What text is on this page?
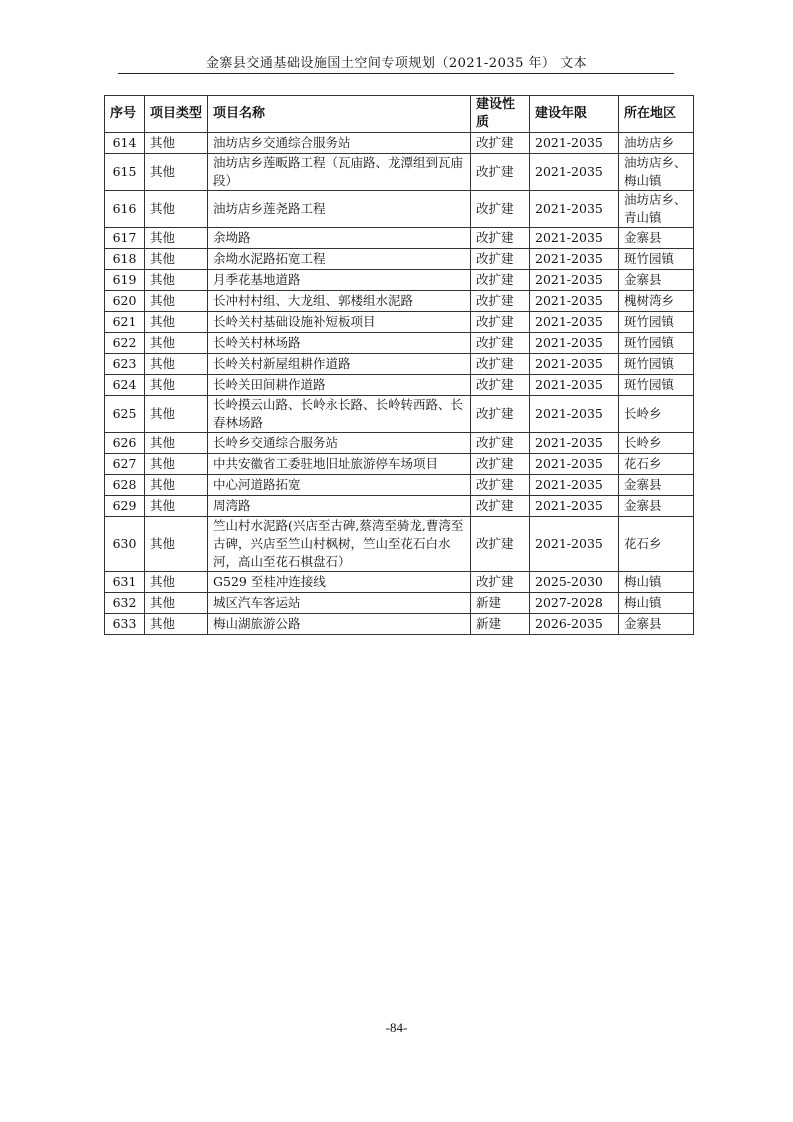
金寨县交通基础设施国土空间专项规划（2021-2035 年） 文本
序号	项目类型	项目名称	建设性质	建设年限	所在地区
614	其他	油坊店乡交通综合服务站	改扩建	2021-2035	油坊店乡
615	其他	油坊店乡莲畈路工程（瓦庙路、龙潭组到瓦庙段）	改扩建	2021-2035	油坊店乡、梅山镇
616	其他	油坊店乡莲尧路工程	改扩建	2021-2035	油坊店乡、青山镇
617	其他	余坳路	改扩建	2021-2035	金寨县
618	其他	余坳水泥路拓宽工程	改扩建	2021-2035	斑竹园镇
619	其他	月季花基地道路	改扩建	2021-2035	金寨县
620	其他	长冲村村组、大龙组、郭楼组水泥路	改扩建	2021-2035	槐树湾乡
621	其他	长岭关村基础设施补短板项目	改扩建	2021-2035	斑竹园镇
622	其他	长岭关村林场路	改扩建	2021-2035	斑竹园镇
623	其他	长岭关村新屋组耕作道路	改扩建	2021-2035	斑竹园镇
624	其他	长岭关田间耕作道路	改扩建	2021-2035	斑竹园镇
625	其他	长岭摸云山路、长岭永长路、长岭转西路、长春林场路	改扩建	2021-2035	长岭乡
626	其他	长岭乡交通综合服务站	改扩建	2021-2035	长岭乡
627	其他	中共安徽省工委驻地旧址旅游停车场项目	改扩建	2021-2035	花石乡
628	其他	中心河道路拓宽	改扩建	2021-2035	金寨县
629	其他	周湾路	改扩建	2021-2035	金寨县
630	其他	竺山村水泥路(兴店至古碑,蔡湾至骑龙,曹湾至古碑，兴店至竺山村枫树，竺山至花石白水河，高山至花石棋盘石）	改扩建	2021-2035	花石乡
631	其他	G529 至桂冲连接线	改扩建	2025-2030	梅山镇
632	其他	城区汽车客运站	新建	2027-2028	梅山镇
633	其他	梅山湖旅游公路	新建	2026-2035	金寨县
-84-
